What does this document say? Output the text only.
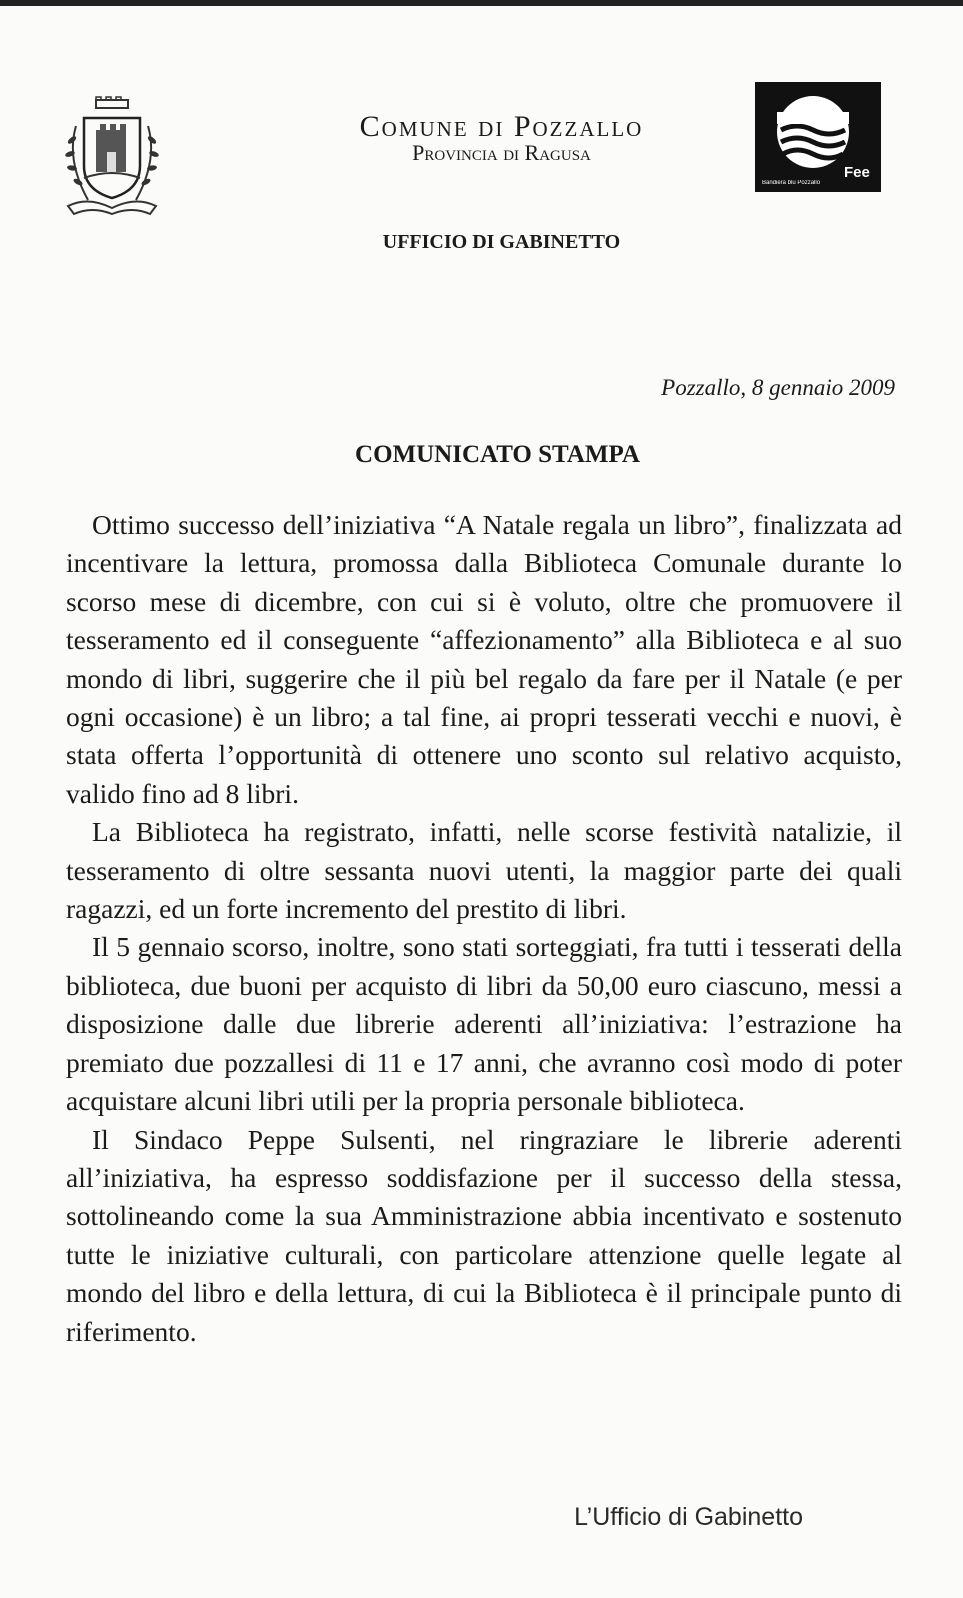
Fee
Bandiera blu Pozzallo
Comune di Pozzallo
Provincia di Ragusa
UFFICIO DI GABINETTO
Pozzallo, 8 gennaio 2009
COMUNICATO STAMPA

Ottimo successo dell’iniziativa “A Natale regala un libro”, finalizzata ad incentivare la lettura, promossa dalla Biblioteca Comunale durante lo scorso mese di dicembre, con cui si è voluto, oltre che promuovere il tesseramento ed il conseguente “affezionamento” alla Biblioteca e al suo mondo di libri, suggerire che il più bel regalo da fare per il Natale (e per ogni occasione) è un libro; a tal fine, ai propri tesserati vecchi e nuovi, è stata offerta l’opportunità di ottenere uno sconto sul relativo acquisto, valido fino ad 8 libri.

La Biblioteca ha registrato, infatti, nelle scorse festività natalizie, il tesseramento di oltre sessanta nuovi utenti, la maggior parte dei quali ragazzi, ed un forte incremento del prestito di libri.

Il 5 gennaio scorso, inoltre, sono stati sorteggiati, fra tutti i tesserati della biblioteca, due buoni per acquisto di libri da 50,00 euro ciascuno, messi a disposizione dalle due librerie aderenti all’iniziativa: l’estrazione ha premiato due pozzallesi di 11 e 17 anni, che avranno così modo di poter acquistare alcuni libri utili per la propria personale biblioteca.

Il Sindaco Peppe Sulsenti, nel ringraziare le librerie aderenti all’iniziativa, ha espresso soddisfazione per il successo della stessa, sottolineando come la sua Amministrazione abbia incentivato e sostenuto tutte le iniziative culturali, con particolare attenzione quelle legate al mondo del libro e della lettura, di cui la Biblioteca è il principale punto di riferimento.

L’Ufficio di Gabinetto
